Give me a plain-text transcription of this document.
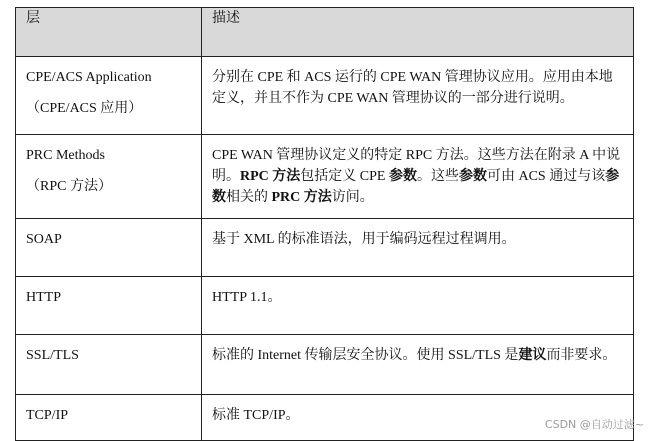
层	描述
CPE/ACS Application
（CPE/ACS 应用）	分别在 CPE 和 ACS 运行的 CPE WAN 管理协议应用。应用由本地定义，并且不作为 CPE WAN 管理协议的一部分进行说明。
PRC Methods
（RPC 方法）	CPE WAN 管理协议定义的特定 RPC 方法。这些方法在附录 A 中说明。RPC 方法包括定义 CPE 参数。这些参数可由 ACS 通过与该参数相关的 PRC 方法访问。
SOAP	基于 XML 的标准语法，用于编码远程过程调用。
HTTP	HTTP 1.1。
SSL/TLS	标准的 Internet 传输层安全协议。使用 SSL/TLS 是建议而非要求。
TCP/IP	标准 TCP/IP。
CSDN @自动过滤~
